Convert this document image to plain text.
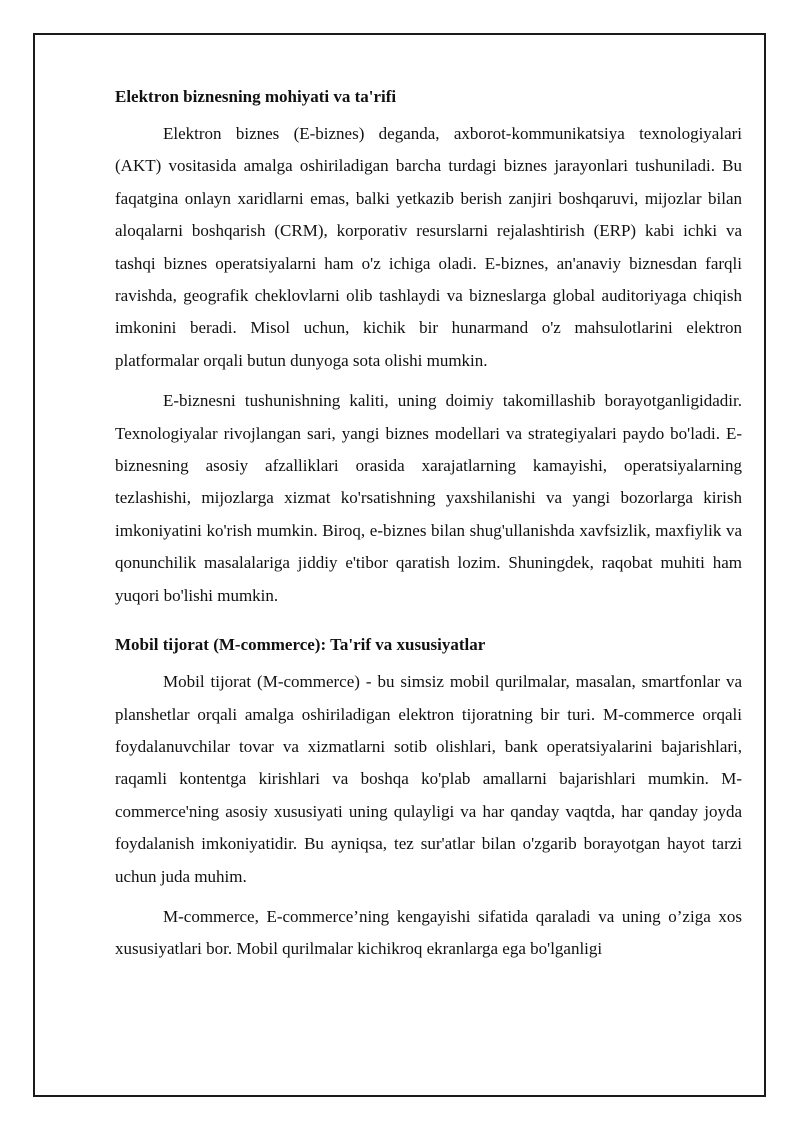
Elektron biznesning mohiyati va ta'rifi

Elektron biznes (E-biznes) deganda, axborot-kommunikatsiya texnologiyalari (AKT) vositasida amalga oshiriladigan barcha turdagi biznes jarayonlari tushuniladi. Bu faqatgina onlayn xaridlarni emas, balki yetkazib berish zanjiri boshqaruvi, mijozlar bilan aloqalarni boshqarish (CRM), korporativ resurslarni rejalashtirish (ERP) kabi ichki va tashqi biznes operatsiyalarni ham o'z ichiga oladi. E-biznes, an'anaviy biznesdan farqli ravishda, geografik cheklovlarni olib tashlaydi va bizneslarga global auditoriyaga chiqish imkonini beradi. Misol uchun, kichik bir hunarmand o'z mahsulotlarini elektron platformalar orqali butun dunyoga sota olishi mumkin.

E-biznesni tushunishning kaliti, uning doimiy takomillashib borayotganligidadir. Texnologiyalar rivojlangan sari, yangi biznes modellari va strategiyalari paydo bo'ladi. E-biznesning asosiy afzalliklari orasida xarajatlarning kamayishi, operatsiyalarning tezlashishi, mijozlarga xizmat ko'rsatishning yaxshilanishi va yangi bozorlarga kirish imkoniyatini ko'rish mumkin. Biroq, e-biznes bilan shug'ullanishda xavfsizlik, maxfiylik va qonunchilik masalalariga jiddiy e'tibor qaratish lozim. Shuningdek, raqobat muhiti ham yuqori bo'lishi mumkin.

Mobil tijorat (M-commerce): Ta'rif va xususiyatlar

Mobil tijorat (M-commerce) - bu simsiz mobil qurilmalar, masalan, smartfonlar va planshetlar orqali amalga oshiriladigan elektron tijoratning bir turi. M-commerce orqali foydalanuvchilar tovar va xizmatlarni sotib olishlari, bank operatsiyalarini bajarishlari, raqamli kontentga kirishlari va boshqa ko'plab amallarni bajarishlari mumkin. M-commerce'ning asosiy xususiyati uning qulayligi va har qanday vaqtda, har qanday joyda foydalanish imkoniyatidir. Bu ayniqsa, tez sur'atlar bilan o'zgarib borayotgan hayot tarzi uchun juda muhim.

M-commerce, E-commerce’ning kengayishi sifatida qaraladi va uning o’ziga xos xususiyatlari bor. Mobil qurilmalar kichikroq ekranlarga ega bo'lganligi
